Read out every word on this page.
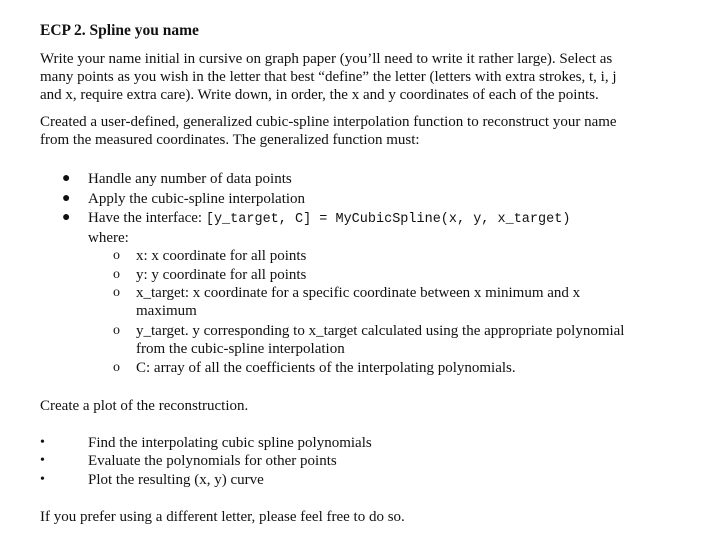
ECP 2. Spline you name
Write your name initial in cursive on graph paper (you’ll need to write it rather large). Select as
many points as you wish in the letter that best “define” the letter (letters with extra strokes, t, i, j
and x, require extra care). Write down, in order, the x and y coordinates of each of the points.
Created a user-defined, generalized cubic-spline interpolation function to reconstruct your name
from the measured coordinates. The generalized function must:
● Handle any number of data points
● Apply the cubic-spline interpolation
● Have the interface: [y_target, C] = MyCubicSpline(x, y, x_target)
where:
o x: x coordinate for all points
o y: y coordinate for all points
o x_target: x coordinate for a specific coordinate between x minimum and x
maximum
o y_target. y corresponding to x_target calculated using the appropriate polynomial
from the cubic-spline interpolation
o C: array of all the coefficients of the interpolating polynomials.
Create a plot of the reconstruction.
•	Find the interpolating cubic spline polynomials
•	Evaluate the polynomials for other points
•	Plot the resulting (x, y) curve
If you prefer using a different letter, please feel free to do so.
